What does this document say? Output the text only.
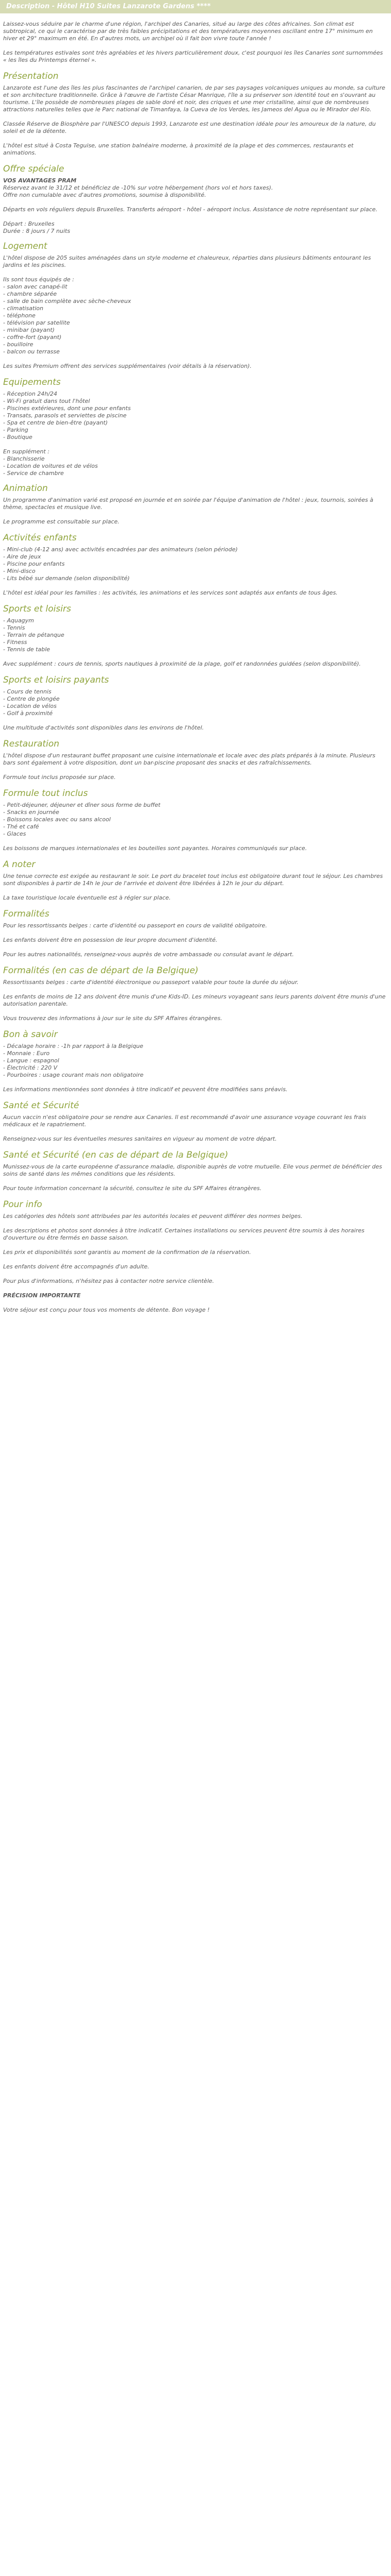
Description - Hôtel H10 Suites Lanzarote Gardens ****

Laissez-vous séduire par le charme d'une région, l'archipel des Canaries, situé au large des côtes africaines. Son climat est subtropical, ce qui le caractérise par de très faibles précipitations et des températures moyennes oscillant entre 17° minimum en hiver et 29° maximum en été. En d'autres mots, un archipel où il fait bon vivre toute l'année !

Les températures estivales sont très agréables et les hivers particulièrement doux, c'est pourquoi les îles Canaries sont surnommées « les îles du Printemps éternel ».

Présentation

Lanzarote est l'une des îles les plus fascinantes de l'archipel canarien, de par ses paysages volcaniques uniques au monde, sa culture et son architecture traditionnelle. Grâce à l'œuvre de l'artiste César Manrique, l'île a su préserver son identité tout en s'ouvrant au tourisme. L'île possède de nombreuses plages de sable doré et noir, des criques et une mer cristalline, ainsi que de nombreuses attractions naturelles telles que le Parc national de Timanfaya, la Cueva de los Verdes, les Jameos del Agua ou le Mirador del Río.

Classée Réserve de Biosphère par l'UNESCO depuis 1993, Lanzarote est une destination idéale pour les amoureux de la nature, du soleil et de la détente.

L'hôtel est situé à Costa Teguise, une station balnéaire moderne, à proximité de la plage et des commerces, restaurants et animations.

Offre spéciale
VOS AVANTAGES PRAM
Réservez avant le 31/12 et bénéficiez de -10% sur votre hébergement (hors vol et hors taxes).
Offre non cumulable avec d'autres promotions, soumise à disponibilité.

Départs en vols réguliers depuis Bruxelles. Transferts aéroport - hôtel - aéroport inclus. Assistance de notre représentant sur place.

Départ : Bruxelles
Durée : 8 jours / 7 nuits
Logement

L'hôtel dispose de 205 suites aménagées dans un style moderne et chaleureux, réparties dans plusieurs bâtiments entourant les jardins et les piscines.

Ils sont tous équipés de :
- salon avec canapé-lit
- chambre séparée
- salle de bain complète avec sèche-cheveux
- climatisation
- téléphone
- télévision par satellite
- minibar (payant)
- coffre-fort (payant)
- bouilloire
- balcon ou terrasse

Les suites Premium offrent des services supplémentaires (voir détails à la réservation).

Equipements
- Réception 24h/24
- Wi-Fi gratuit dans tout l'hôtel
- Piscines extérieures, dont une pour enfants
- Transats, parasols et serviettes de piscine
- Spa et centre de bien-être (payant)
- Parking
- Boutique
En supplément :
- Blanchisserie
- Location de voitures et de vélos
- Service de chambre
Animation

Un programme d'animation varié est proposé en journée et en soirée par l'équipe d'animation de l'hôtel : jeux, tournois, soirées à thème, spectacles et musique live.

Le programme est consultable sur place.

Activités enfants
- Mini-club (4-12 ans) avec activités encadrées par des animateurs (selon période)
- Aire de jeux
- Piscine pour enfants
- Mini-disco
- Lits bébé sur demande (selon disponibilité)

L'hôtel est idéal pour les familles : les activités, les animations et les services sont adaptés aux enfants de tous âges.

Sports et loisirs
- Aquagym
- Tennis
- Terrain de pétanque
- Fitness
- Tennis de table

Avec supplément : cours de tennis, sports nautiques à proximité de la plage, golf et randonnées guidées (selon disponibilité).

Sports et loisirs payants
- Cours de tennis
- Centre de plongée
- Location de vélos
- Golf à proximité

Une multitude d'activités sont disponibles dans les environs de l'hôtel.

Restauration

L'hôtel dispose d'un restaurant buffet proposant une cuisine internationale et locale avec des plats préparés à la minute. Plusieurs bars sont également à votre disposition, dont un bar-piscine proposant des snacks et des rafraîchissements.

Formule tout inclus proposée sur place.

Formule tout inclus
- Petit-déjeuner, déjeuner et dîner sous forme de buffet
- Snacks en journée
- Boissons locales avec ou sans alcool
- Thé et café
- Glaces

Les boissons de marques internationales et les bouteilles sont payantes. Horaires communiqués sur place.

A noter

Une tenue correcte est exigée au restaurant le soir. Le port du bracelet tout inclus est obligatoire durant tout le séjour. Les chambres sont disponibles à partir de 14h le jour de l'arrivée et doivent être libérées à 12h le jour du départ.

La taxe touristique locale éventuelle est à régler sur place.

Formalités

Pour les ressortissants belges : carte d'identité ou passeport en cours de validité obligatoire.

Les enfants doivent être en possession de leur propre document d'identité.

Pour les autres nationalités, renseignez-vous auprès de votre ambassade ou consulat avant le départ.

Formalités (en cas de départ de la Belgique)

Ressortissants belges : carte d'identité électronique ou passeport valable pour toute la durée du séjour.

Les enfants de moins de 12 ans doivent être munis d'une Kids-ID. Les mineurs voyageant sans leurs parents doivent être munis d'une autorisation parentale.

Vous trouverez des informations à jour sur le site du SPF Affaires étrangères.

Bon à savoir
- Décalage horaire : -1h par rapport à la Belgique
- Monnaie : Euro
- Langue : espagnol
- Électricité : 220 V
- Pourboires : usage courant mais non obligatoire

Les informations mentionnées sont données à titre indicatif et peuvent être modifiées sans préavis.

Santé et Sécurité

Aucun vaccin n'est obligatoire pour se rendre aux Canaries. Il est recommandé d'avoir une assurance voyage couvrant les frais médicaux et le rapatriement.

Renseignez-vous sur les éventuelles mesures sanitaires en vigueur au moment de votre départ.

Santé et Sécurité (en cas de départ de la Belgique)

Munissez-vous de la carte européenne d'assurance maladie, disponible auprès de votre mutuelle. Elle vous permet de bénéficier des soins de santé dans les mêmes conditions que les résidents.

Pour toute information concernant la sécurité, consultez le site du SPF Affaires étrangères.

Pour info

Les catégories des hôtels sont attribuées par les autorités locales et peuvent différer des normes belges.

Les descriptions et photos sont données à titre indicatif. Certaines installations ou services peuvent être soumis à des horaires d'ouverture ou être fermés en basse saison.

Les prix et disponibilités sont garantis au moment de la confirmation de la réservation.

Les enfants doivent être accompagnés d'un adulte.

Pour plus d'informations, n'hésitez pas à contacter notre service clientèle.

PRÉCISION IMPORTANTE

Votre séjour est conçu pour tous vos moments de détente. Bon voyage !
